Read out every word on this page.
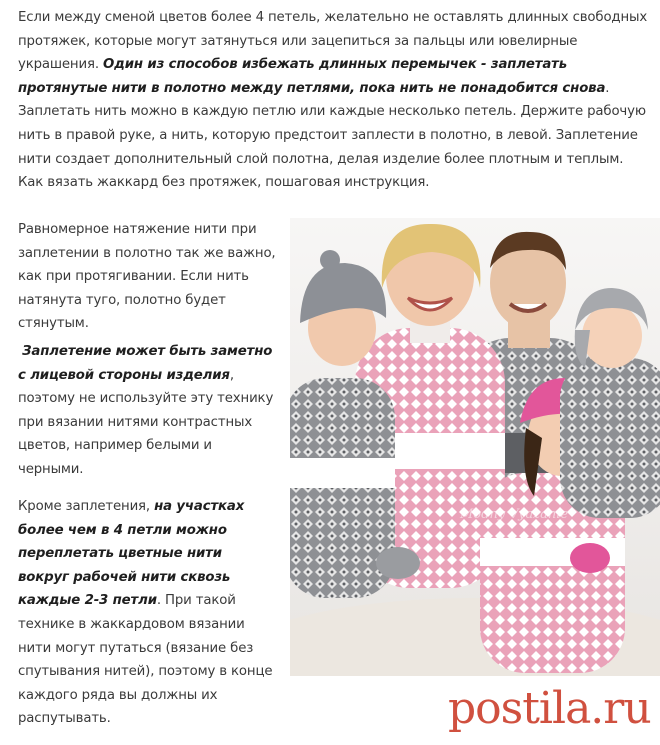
Если между сменой цветов более 4 петель, желательно не оставлять длинных свободных протяжек, которые могут затянуться или зацепиться за пальцы или ювелирные украшения. Один из способов избежать длинных перемычек - заплетать протянутые нити в полотно между петлями, пока нить не понадобится снова. Заплетать нить можно в каждую петлю или каждые несколько петель. Держите рабочую нить в правой руке, а нить, которую предстоит заплести в полотно, в левой. Заплетение нити создает дополнительный слой полотна, делая изделие более плотным и теплым. Как вязать жаккард без протяжек, пошаговая инструкция.
Равномерное натяжение нити при заплетении в полотно так же важно, как при протягивании. Если нить натянута туго, полотно будет стянутым.
Заплетение может быть заметно с лицевой стороны изделия, поэтому не используйте эту технику при вязании нитями контрастных цветов, например белыми и черными.
Кроме заплетения, на участках более чем в 4 петли можно переплетать цветные нити вокруг рабочей нити сквозь каждые 2-3 петли. При такой технике в жаккардовом вязании нити могут путаться (вязание без спутывания нитей), поэтому в конце каждого ряда вы должны их распутывать.
Modny Vyazanie
postila.ru
